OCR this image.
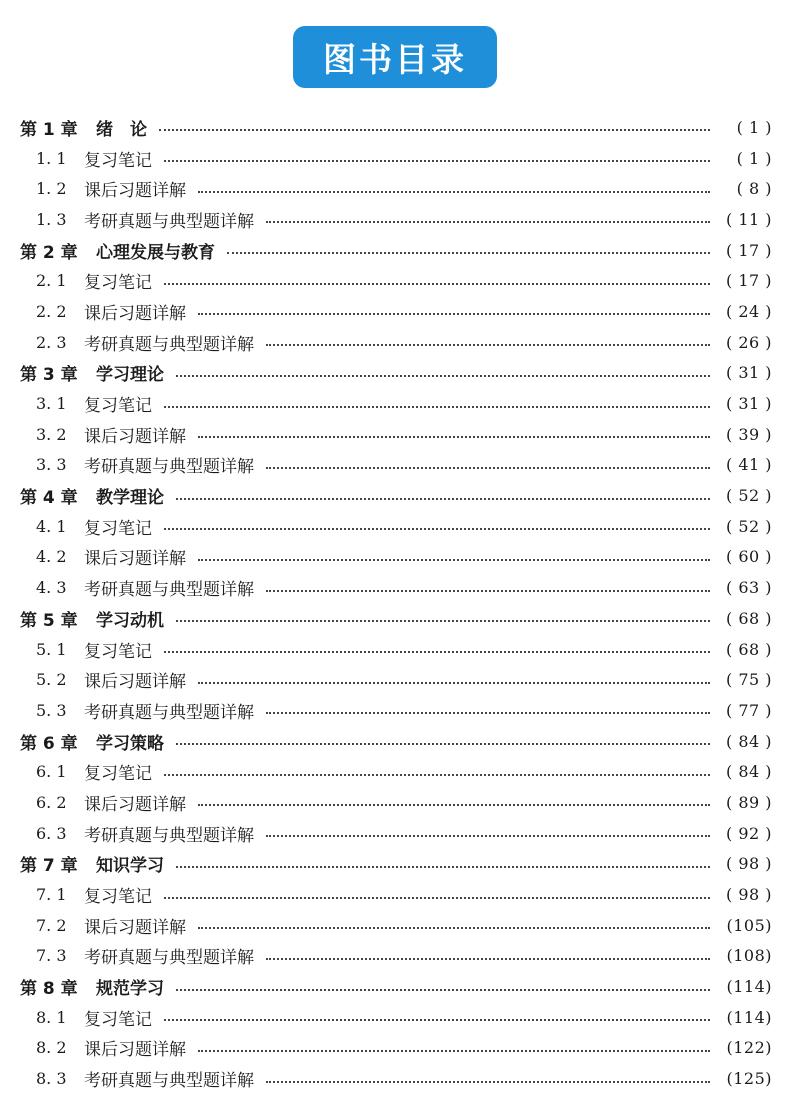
图书目录
第 1 章	绪　论	( 1 )
1. 1	复习笔记	( 1 )
1. 2	课后习题详解	( 8 )
1. 3	考研真题与典型题详解	( 11 )
第 2 章	心理发展与教育	( 17 )
2. 1	复习笔记	( 17 )
2. 2	课后习题详解	( 24 )
2. 3	考研真题与典型题详解	( 26 )
第 3 章	学习理论	( 31 )
3. 1	复习笔记	( 31 )
3. 2	课后习题详解	( 39 )
3. 3	考研真题与典型题详解	( 41 )
第 4 章	教学理论	( 52 )
4. 1	复习笔记	( 52 )
4. 2	课后习题详解	( 60 )
4. 3	考研真题与典型题详解	( 63 )
第 5 章	学习动机	( 68 )
5. 1	复习笔记	( 68 )
5. 2	课后习题详解	( 75 )
5. 3	考研真题与典型题详解	( 77 )
第 6 章	学习策略	( 84 )
6. 1	复习笔记	( 84 )
6. 2	课后习题详解	( 89 )
6. 3	考研真题与典型题详解	( 92 )
第 7 章	知识学习	( 98 )
7. 1	复习笔记	( 98 )
7. 2	课后习题详解	(105)
7. 3	考研真题与典型题详解	(108)
第 8 章	规范学习	(114)
8. 1	复习笔记	(114)
8. 2	课后习题详解	(122)
8. 3	考研真题与典型题详解	(125)
